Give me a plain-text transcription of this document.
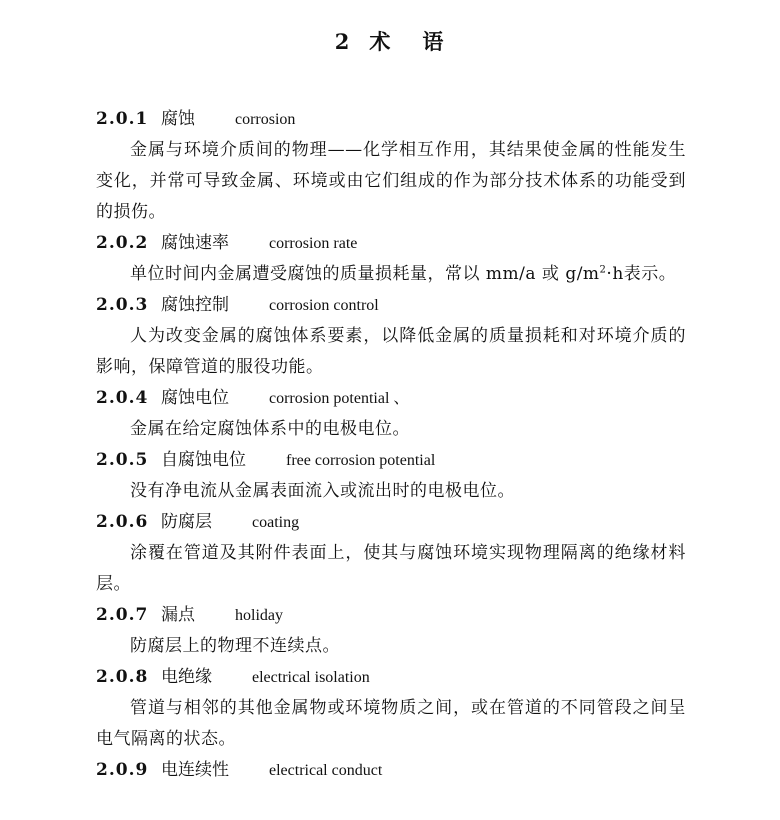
2 术 语
2.0.1 腐蚀	corrosion

金属与环境介质间的物理——化学相互作用，其结果使金属的性能发生变化，并常可导致金属、环境或由它们组成的作为部分技术体系的功能受到的损伤。

2.0.2 腐蚀速率	corrosion rate

单位时间内金属遭受腐蚀的质量损耗量，常以 mm/a 或 $g/m^2\cdot h$表示。

2.0.3 腐蚀控制	corrosion control

人为改变金属的腐蚀体系要素，以降低金属的质量损耗和对环境介质的影响，保障管道的服役功能。

2.0.4 腐蚀电位	corrosion potential 、

金属在给定腐蚀体系中的电极电位。

2.0.5 自腐蚀电位	free corrosion potential

没有净电流从金属表面流入或流出时的电极电位。

2.0.6 防腐层	coating

涂覆在管道及其附件表面上，使其与腐蚀环境实现物理隔离的绝缘材料层。

2.0.7 漏点	holiday

防腐层上的物理不连续点。

2.0.8 电绝缘	electrical isolation

管道与相邻的其他金属物或环境物质之间，或在管道的不同管段之间呈电气隔离的状态。

2.0.9 电连续性	electrical conduct
